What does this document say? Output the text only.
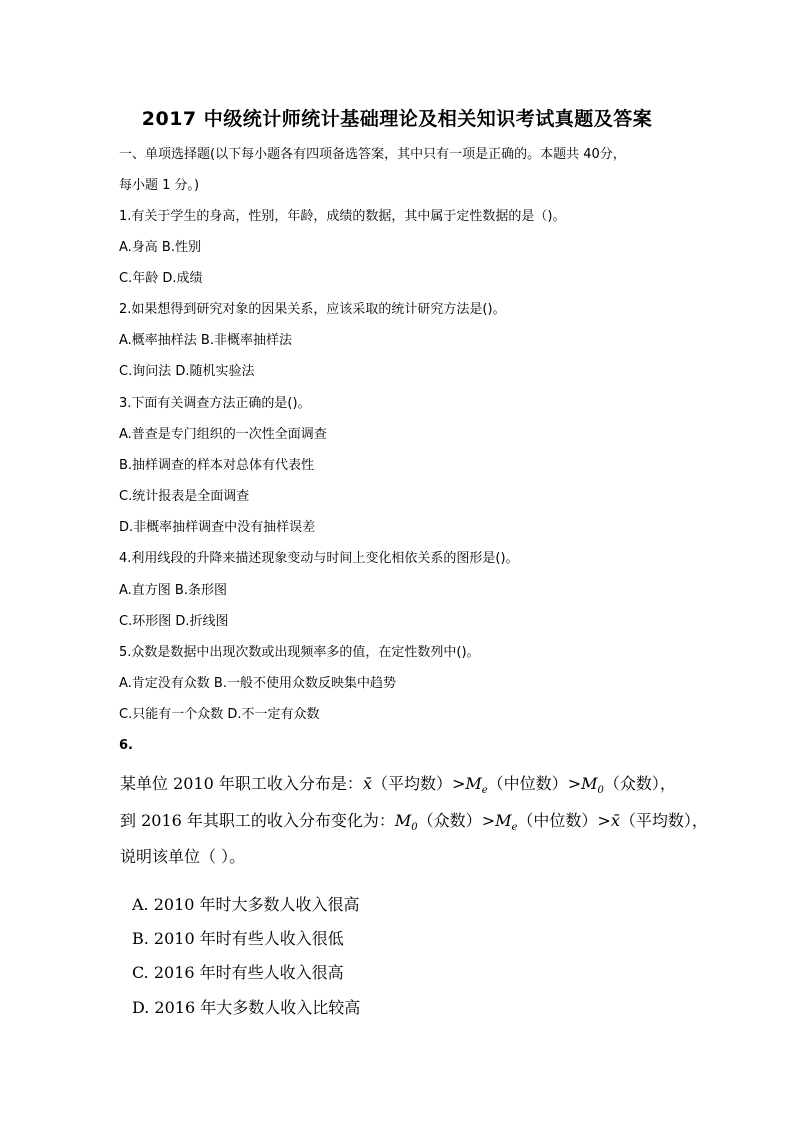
2017 中级统计师统计基础理论及相关知识考试真题及答案
一、单项选择题(以下每小题各有四项备选答案，其中只有一项是正确的。本题共 40分，
每小题 1 分。)
1.有关于学生的身高，性别，年龄，成绩的数据，其中属于定性数据的是（)。
A.身高 B.性别
C.年龄 D.成绩
2.如果想得到研究对象的因果关系，应该采取的统计研究方法是()。
A.概率抽样法 B.非概率抽样法
C.询问法 D.随机实验法
3.下面有关调查方法正确的是()。
A.普查是专门组织的一次性全面调查
B.抽样调查的样本对总体有代表性
C.统计报表是全面调查
D.非概率抽样调查中没有抽样误差
4.利用线段的升降来描述现象变动与时间上变化相依关系的图形是()。
A.直方图 B.条形图
C.环形图 D.折线图
5.众数是数据中出现次数或出现频率多的值，在定性数列中()。
A.肯定没有众数 B.一般不使用众数反映集中趋势
C.只能有一个众数 D.不一定有众数
6.
某单位 2010 年职工收入分布是：x̄（平均数）$>M_e$（中位数）$>M_0$（众数），
到 2016 年其职工的收入分布变化为：$M_0$（众数）$>M_e$（中位数）>x̄（平均数），
说明该单位（ ）。
A. 2010 年时大多数人收入很高
B. 2010 年时有些人收入很低
C. 2016 年时有些人收入很高
D. 2016 年大多数人收入比较高
